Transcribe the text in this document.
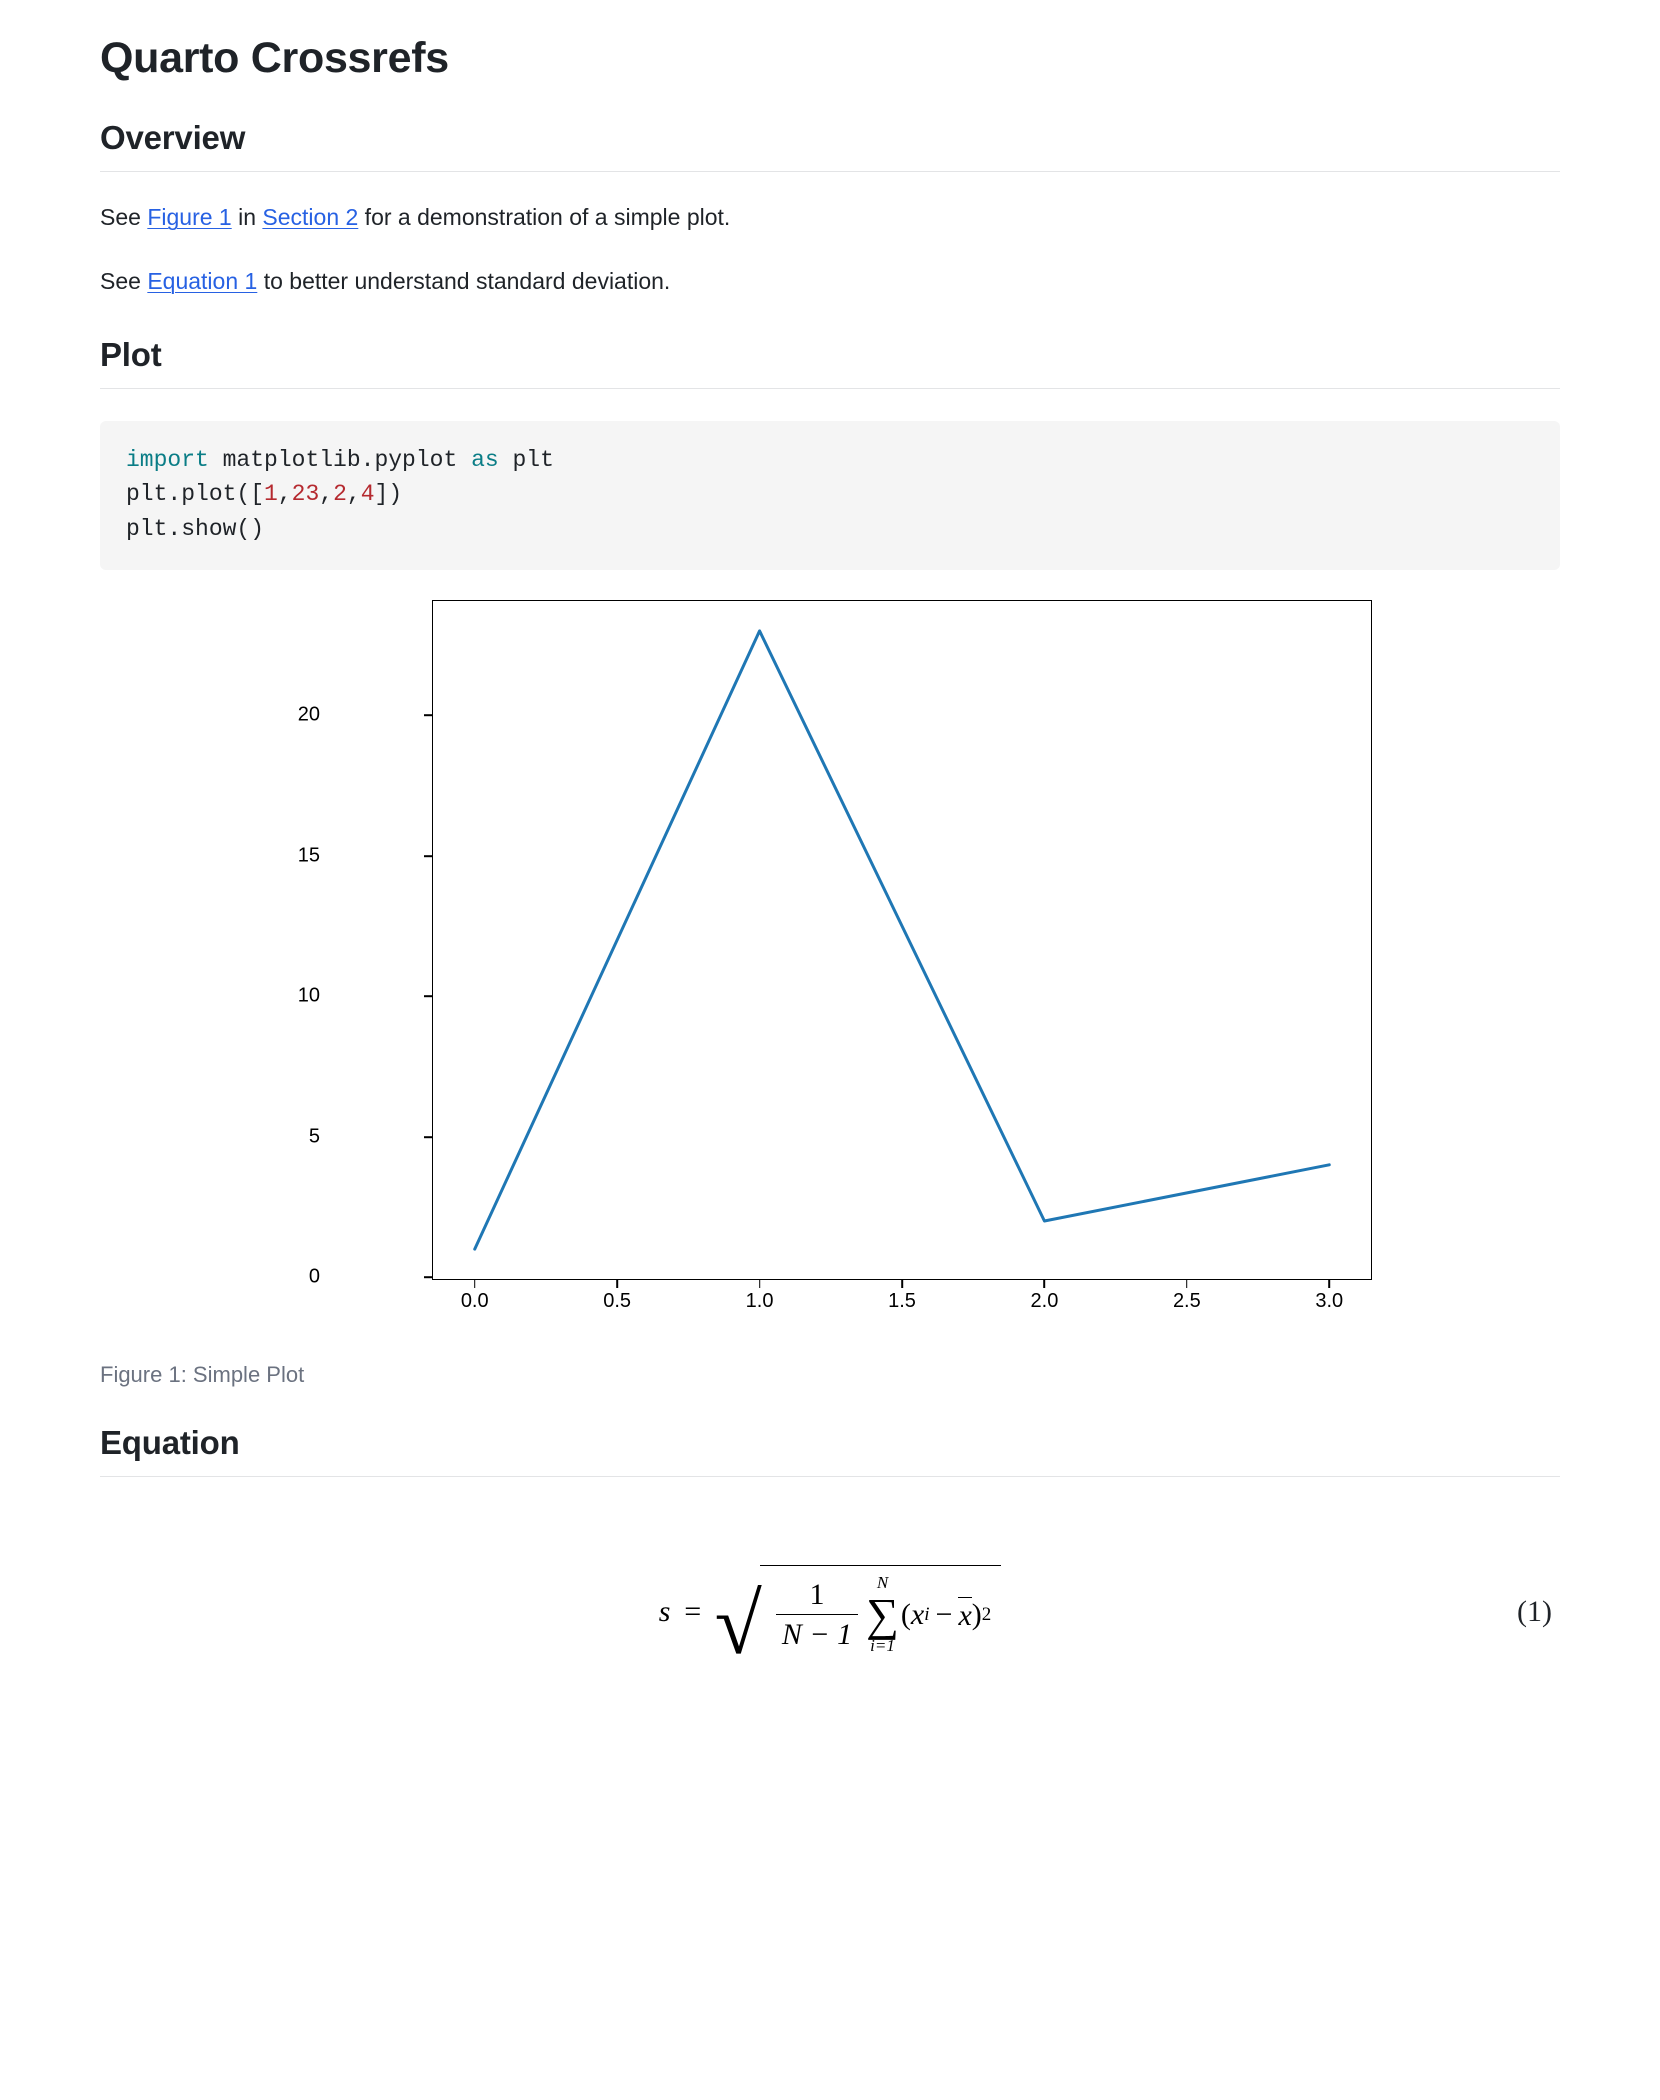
Quarto Crossrefs
Overview

See Figure 1 in Section 2 for a demonstration of a simple plot.

See Equation 1 to better understand standard deviation.

Plot
import matplotlib.pyplot as plt
plt.plot([1,23,2,4])
plt.show()
0
5
10
15
20
0.0	0.5	1.0	1.5	2.0	2.5	3.0
Figure 1: Simple Plot
Equation
s = √ $\frac{1}{N - 1}$ N
∑
i=1
( x i − x ) 2	(1)
